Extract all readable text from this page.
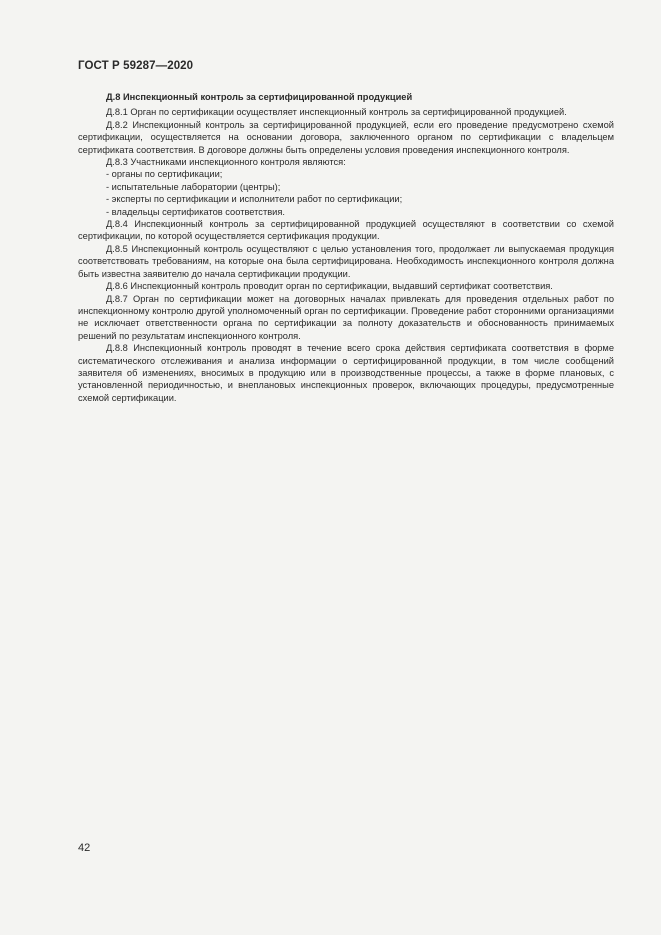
ГОСТ Р 59287—2020

Д.8 Инспекционный контроль за сертифицированной продукцией

Д.8.1 Орган по сертификации осуществляет инспекционный контроль за сертифицированной продукцией.

Д.8.2 Инспекционный контроль за сертифицированной продукцией, если его проведение предусмотрено схемой сертификации, осуществляется на основании договора, заключенного органом по сертификации с владельцем сертификата соответствия. В договоре должны быть определены условия проведения инспекционного контроля.

Д.8.3 Участниками инспекционного контроля являются:

- органы по сертификации;

- испытательные лаборатории (центры);

- эксперты по сертификации и исполнители работ по сертификации;

- владельцы сертификатов соответствия.

Д.8.4 Инспекционный контроль за сертифицированной продукцией осуществляют в соответствии со схемой сертификации, по которой осуществляется сертификация продукции.

Д.8.5 Инспекционный контроль осуществляют с целью установления того, продолжает ли выпускаемая продукция соответствовать требованиям, на которые она была сертифицирована. Необходимость инспекционного контроля должна быть известна заявителю до начала сертификации продукции.

Д.8.6 Инспекционный контроль проводит орган по сертификации, выдавший сертификат соответствия.

Д.8.7 Орган по сертификации может на договорных началах привлекать для проведения отдельных работ по инспекционному контролю другой уполномоченный орган по сертификации. Проведение работ сторонними организациями не исключает ответственности органа по сертификации за полноту доказательств и обоснованность принимаемых решений по результатам инспекционного контроля.

Д.8.8 Инспекционный контроль проводят в течение всего срока действия сертификата соответствия в форме систематического отслеживания и анализа информации о сертифицированной продукции, в том числе сообщений заявителя об изменениях, вносимых в продукцию или в производственные процессы, а также в форме плановых, с установленной периодичностью, и внеплановых инспекционных проверок, включающих процедуры, предусмотренные схемой сертификации.

42
